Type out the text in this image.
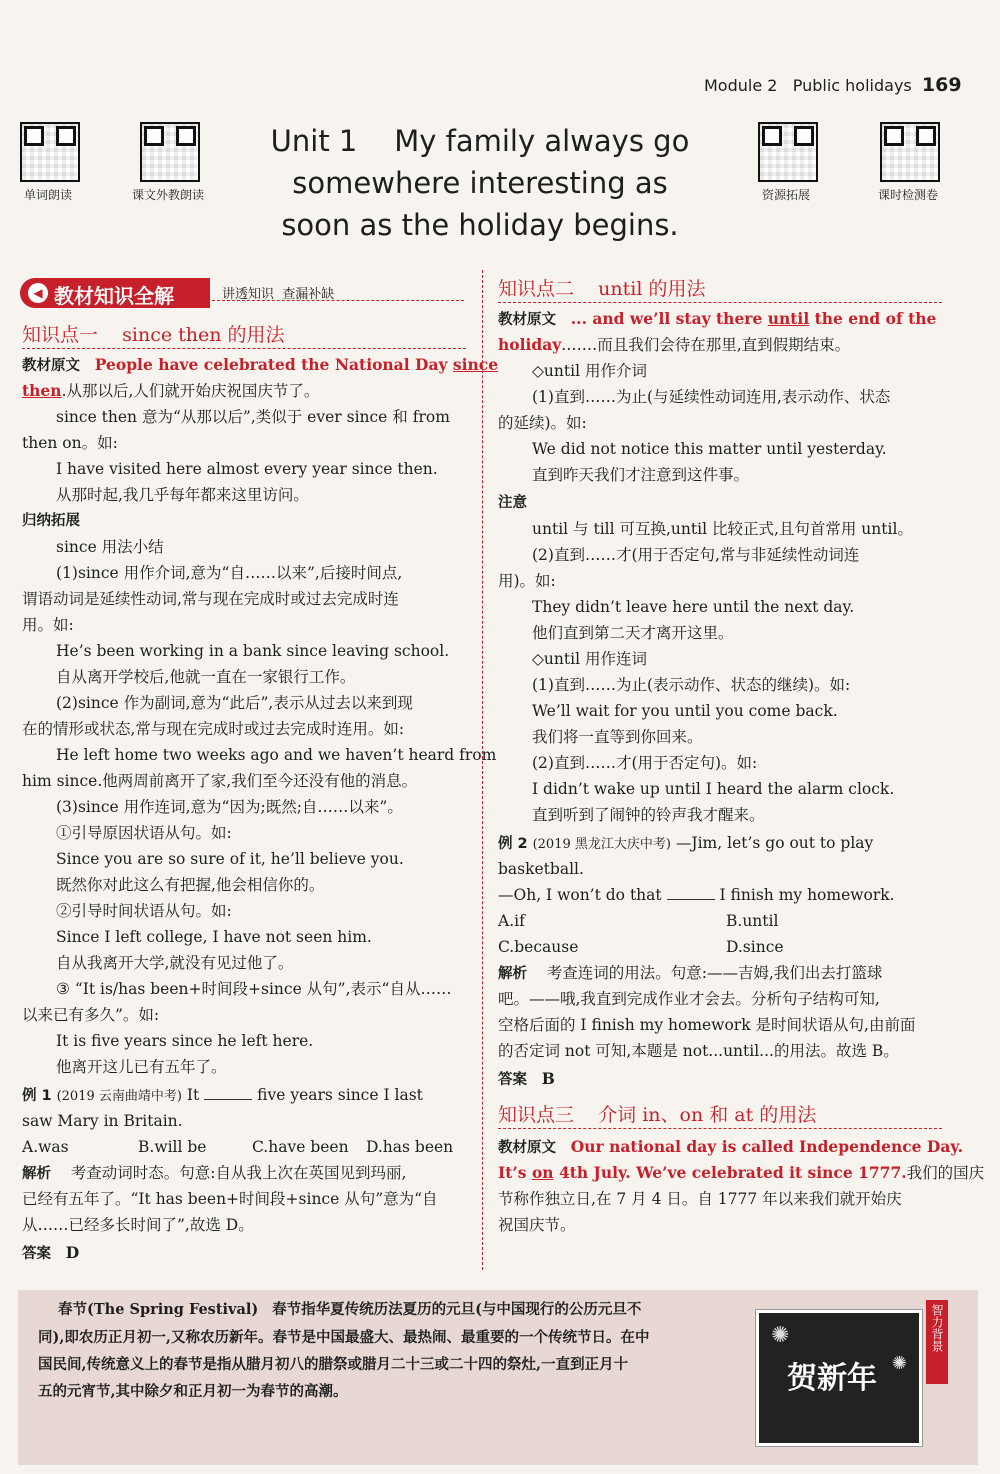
Module 2 Public holidays 169
单词朗读	课文外教朗读	资源拓展	课时检测卷
Unit 1    My family always go
somewhere interesting as
soon as the holiday begins.
◀ 教材知识全解	讲透知识  查漏补缺
知识点一    since then 的用法
教材原文 People have celebrated the National Day since
then.从那以后,人们就开始庆祝国庆节了。
since then 意为“从那以后”,类似于 ever since 和 from
then on。如:
I have visited here almost every year since then.
从那时起,我几乎每年都来这里访问。
归纳拓展
since 用法小结
(1)since 用作介词,意为“自……以来”,后接时间点,
谓语动词是延续性动词,常与现在完成时或过去完成时连
用。如:
He’s been working in a bank since leaving school.
自从离开学校后,他就一直在一家银行工作。
(2)since 作为副词,意为“此后”,表示从过去以来到现
在的情形或状态,常与现在完成时或过去完成时连用。如:
He left home two weeks ago and we haven’t heard from
him since.他两周前离开了家,我们至今还没有他的消息。
(3)since 用作连词,意为“因为;既然;自……以来”。
①引导原因状语从句。如:
Since you are so sure of it, he’ll believe you.
既然你对此这么有把握,他会相信你的。
②引导时间状语从句。如:
Since I left college, I have not seen him.
自从我离开大学,就没有见过他了。
③ “It is/has been+时间段+since 从句”,表示“自从……
以来已有多久”。如:
It is five years since he left here.
他离开这儿已有五年了。
例 1 (2019 云南曲靖中考) It	five years since I last
saw Mary in Britain.
A.was	B.will be	C.have been D.has been
解析 考查动词时态。句意:自从我上次在英国见到玛丽,
已经有五年了。“It has been+时间段+since 从句”意为“自
从……已经多长时间了”,故选 D。
答案 D
知识点二    until 的用法
教材原文 ... and we’ll stay there until the end of the
holiday.……而且我们会待在那里,直到假期结束。
◇until 用作介词
(1)直到……为止(与延续性动词连用,表示动作、状态
的延续)。如:
We did not notice this matter until yesterday.
直到昨天我们才注意到这件事。
注意
until 与 till 可互换,until 比较正式,且句首常用 until。
(2)直到……才(用于否定句,常与非延续性动词连
用)。如:
They didn’t leave here until the next day.
他们直到第二天才离开这里。
◇until 用作连词
(1)直到……为止(表示动作、状态的继续)。如:
We’ll wait for you until you come back.
我们将一直等到你回来。
(2)直到……才(用于否定句)。如:
I didn’t wake up until I heard the alarm clock.
直到听到了闹钟的铃声我才醒来。
例 2 (2019 黑龙江大庆中考) —Jim, let’s go out to play
basketball.
—Oh, I won’t do that	I finish my homework.
A.if	B.until
C.because	D.since
解析 考查连词的用法。句意:——吉姆,我们出去打篮球
吧。——哦,我直到完成作业才会去。分析句子结构可知,
空格后面的 I finish my homework 是时间状语从句,由前面
的否定词 not 可知,本题是 not...until...的用法。故选 B。
答案 B
知识点三    介词 in、on 和 at 的用法
教材原文 Our national day is called Independence Day.
It’s on 4th July. We’ve celebrated it since 1777.我们的国庆
节称作独立日,在 7 月 4 日。自 1777 年以来我们就开始庆
祝国庆节。
春节(The Spring Festival) 春节指华夏传统历法夏历的元旦(与中国现行的公历元旦不
同),即农历正月初一,又称农历新年。春节是中国最盛大、最热闹、最重要的一个传统节日。在中
国民间,传统意义上的春节是指从腊月初八的腊祭或腊月二十三或二十四的祭灶,一直到正月十
五的元宵节,其中除夕和正月初一为春节的高潮。
✺
✺
贺新年
智力背景
